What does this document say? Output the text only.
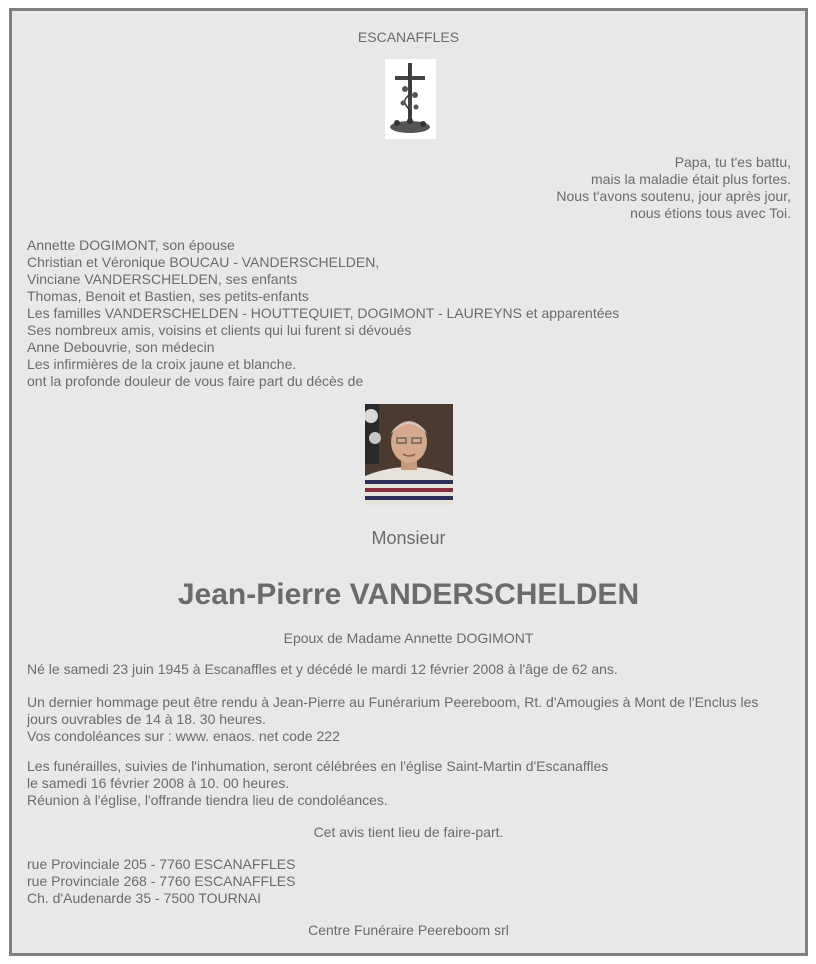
ESCANAFFLES
Papa, tu t'es battu,
mais la maladie était plus fortes.
Nous t'avons soutenu, jour après jour,
nous étions tous avec Toi.
Annette DOGIMONT, son épouse
Christian et Véronique BOUCAU - VANDERSCHELDEN,
Vinciane VANDERSCHELDEN, ses enfants
Thomas, Benoit et Bastien, ses petits-enfants
Les familles VANDERSCHELDEN - HOUTTEQUIET, DOGIMONT - LAUREYNS et apparentées
Ses nombreux amis, voisins et clients qui lui furent si dévoués
Anne Debouvrie, son médecin
Les infirmières de la croix jaune et blanche.
ont la profonde douleur de vous faire part du décès de
Monsieur
Jean-Pierre VANDERSCHELDEN
Epoux de Madame Annette DOGIMONT
Né le samedi 23 juin 1945 à Escanaffles et y décédé le mardi 12 février 2008 à l'âge de 62 ans.
Un dernier hommage peut être rendu à Jean-Pierre au Funérarium Peereboom, Rt. d'Amougies à Mont de l'Enclus les
jours ouvrables de 14 à 18. 30 heures.
Vos condoléances sur : www. enaos. net code 222
Les funérailles, suivies de l'inhumation, seront célébrées en l'église Saint-Martin d'Escanaffles
le samedi 16 février 2008 à 10. 00 heures.
Réunion à l'église, l'offrande tiendra lieu de condoléances.
Cet avis tient lieu de faire-part.
rue Provinciale 205 - 7760 ESCANAFFLES
rue Provinciale 268 - 7760 ESCANAFFLES
Ch. d'Audenarde 35 - 7500 TOURNAI
Centre Funéraire Peereboom srl
